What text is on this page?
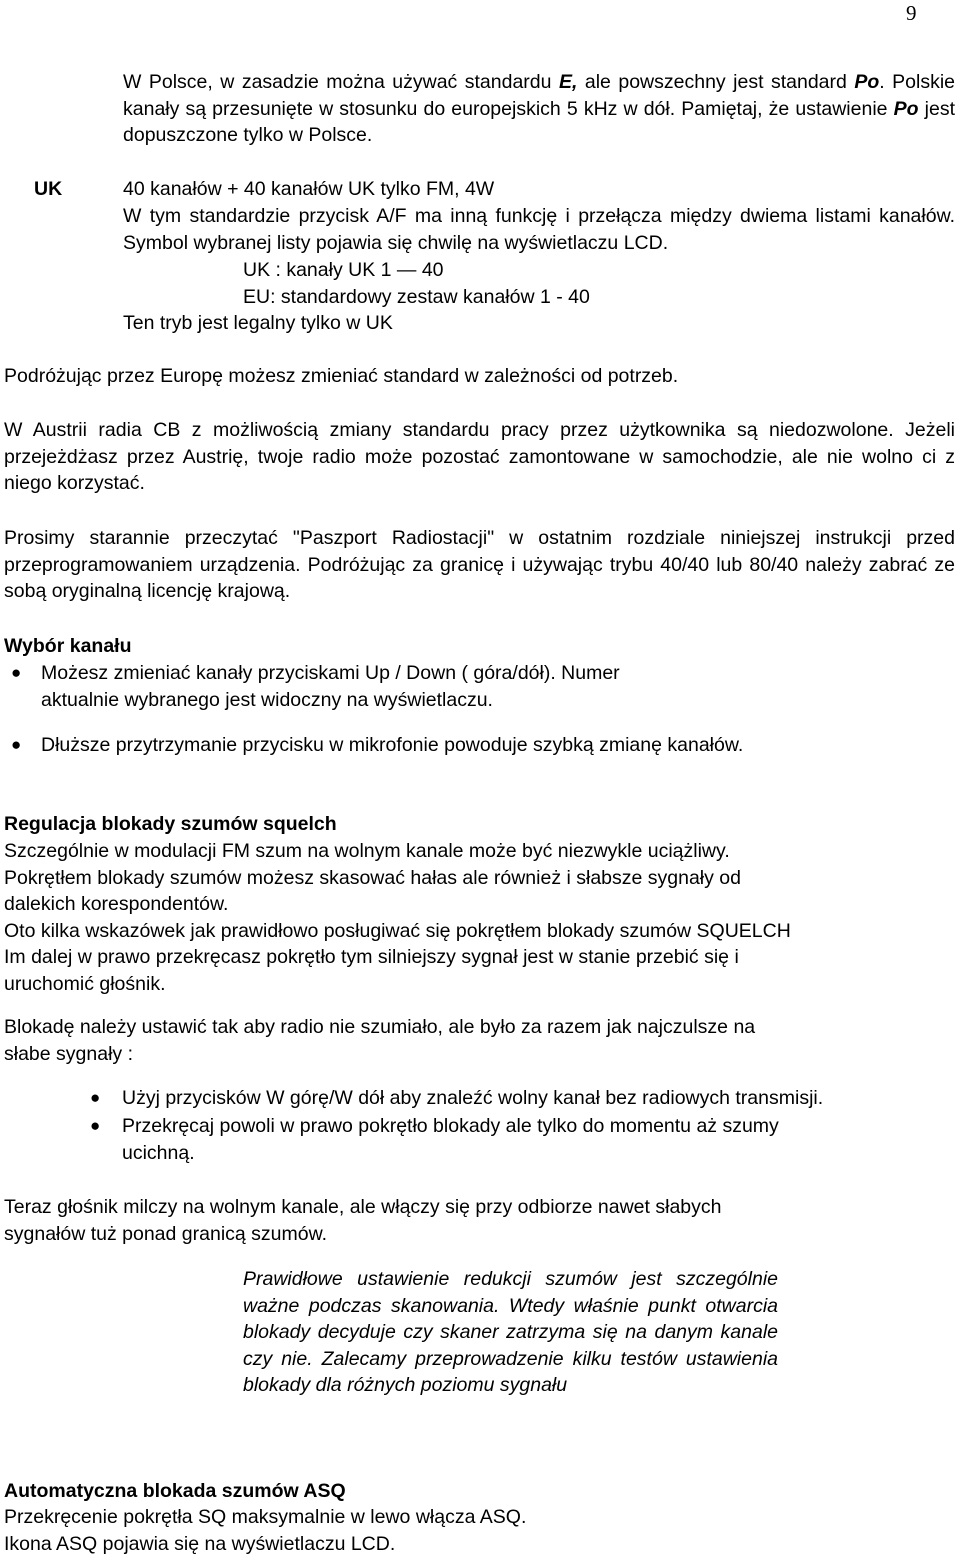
9
W Polsce, w zasadzie można używać standardu E, ale powszechny jest standard Po. Polskie kanały są przesunięte w stosunku do europejskich 5 kHz w dół. Pamiętaj, że ustawienie Po jest dopuszczone tylko w Polsce.
UK	40 kanałów + 40 kanałów UK tylko FM, 4W
W tym standardzie przycisk A/F ma inną funkcję i przełącza między dwiema listami kanałów. Symbol wybranej listy pojawia się chwilę na wyświetlaczu LCD.
UK : kanały UK 1 — 40
EU: standardowy zestaw kanałów 1 - 40
Ten tryb jest legalny tylko w UK
Podróżując przez Europę możesz zmieniać standard w zależności od potrzeb.
W Austrii radia CB z możliwością zmiany standardu pracy przez użytkownika są niedozwolone. Jeżeli przejeżdżasz przez Austrię, twoje radio może pozostać zamontowane w samochodzie, ale nie wolno ci z niego korzystać.
Prosimy starannie przeczytać "Paszport Radiostacji" w ostatnim rozdziale niniejszej instrukcji przed przeprogramowaniem urządzenia. Podróżując za granicę i używając trybu 40/40 lub 80/40 należy zabrać ze sobą oryginalną licencję krajową.
Wybór kanału
● Możesz zmieniać kanały przyciskami Up / Down ( góra/dół). Numer
aktualnie wybranego jest widoczny na wyświetlaczu.
● Dłuższe przytrzymanie przycisku w mikrofonie powoduje szybką zmianę kanałów.
Regulacja blokady szumów squelch
Szczególnie w modulacji FM szum na wolnym kanale może być niezwykle uciążliwy.
Pokrętłem blokady szumów możesz skasować hałas ale również i słabsze sygnały od
dalekich korespondentów.
Oto kilka wskazówek jak prawidłowo posługiwać się pokrętłem blokady szumów SQUELCH
Im dalej w prawo przekręcasz pokrętło tym silniejszy sygnał jest w stanie przebić się i
uruchomić głośnik.
Blokadę należy ustawić tak aby radio nie szumiało, ale było za razem jak najczulsze na
słabe sygnały :
● Użyj przycisków W górę/W dół aby znaleźć wolny kanał bez radiowych transmisji.
● Przekręcaj powoli w prawo pokrętło blokady ale tylko do momentu aż szumy
ucichną.
Teraz głośnik milczy na wolnym kanale, ale włączy się przy odbiorze nawet słabych
sygnałów tuż ponad granicą szumów.
Prawidłowe ustawienie redukcji szumów jest szczególnie ważne podczas skanowania. Wtedy właśnie punkt otwarcia blokady decyduje czy skaner zatrzyma się na danym kanale czy nie. Zalecamy przeprowadzenie kilku testów ustawienia blokady dla różnych poziomu sygnału
Automatyczna blokada szumów ASQ
Przekręcenie pokrętła SQ maksymalnie w lewo włącza ASQ.
Ikona ASQ pojawia się na wyświetlaczu LCD.
